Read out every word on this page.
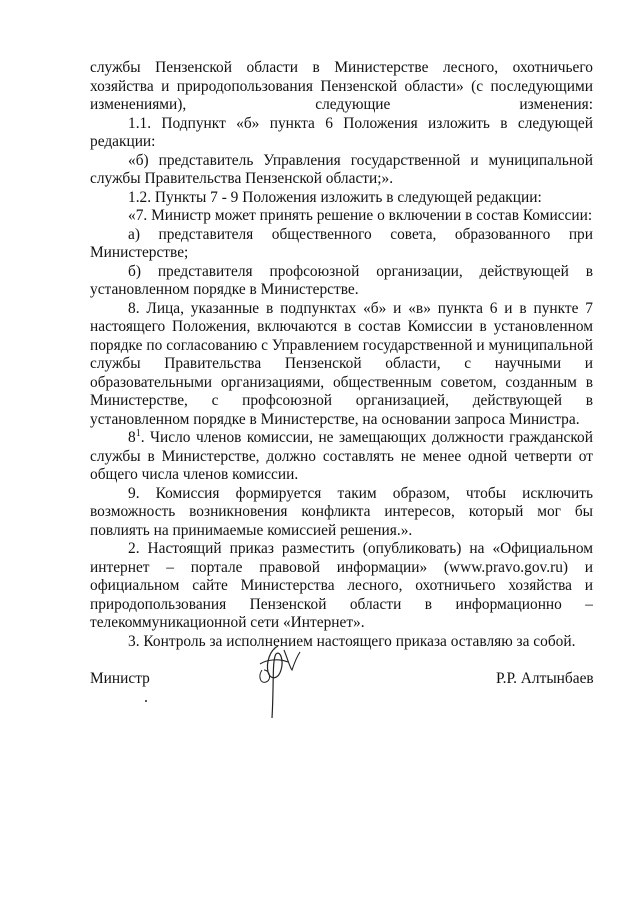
службы Пензенской области в Министерстве лесного, охотничьего хозяйства и природопользования Пензенской области» (с последующими изменениями), следующие изменения:

1.1. Подпункт «б» пункта 6 Положения изложить в следующей редакции:

«б) представитель Управления государственной и муниципальной службы Правительства Пензенской области;».

1.2. Пункты 7 - 9 Положения изложить в следующей редакции:

«7. Министр может принять решение о включении в состав Комиссии:

а) представителя общественного совета, образованного при Министерстве;

б) представителя профсоюзной организации, действующей в установленном порядке в Министерстве.

8. Лица, указанные в подпунктах «б» и «в» пункта 6 и в пункте 7 настоящего Положения, включаются в состав Комиссии в установленном порядке по согласованию с Управлением государственной и муниципальной службы Правительства Пензенской области, с научными и образовательными организациями, общественным советом, созданным в Министерстве, с профсоюзной организацией, действующей в установленном порядке в Министерстве, на основании запроса Министра.

$8^1$. Число членов комиссии, не замещающих должности гражданской службы в Министерстве, должно составлять не менее одной четверти от общего числа членов комиссии.

9. Комиссия формируется таким образом, чтобы исключить возможность возникновения конфликта интересов, который мог бы повлиять на принимаемые комиссией решения.».

2. Настоящий приказ разместить (опубликовать) на «Официальном интернет – портале правовой информации» (www.pravo.gov.ru) и официальном сайте Министерства лесного, охотничьего хозяйства и природопользования Пензенской области в информационно – телекоммуникационной сети «Интернет».

3. Контроль за исполнением настоящего приказа оставляю за собой.

Министр	Р.Р. Алтынбаев
